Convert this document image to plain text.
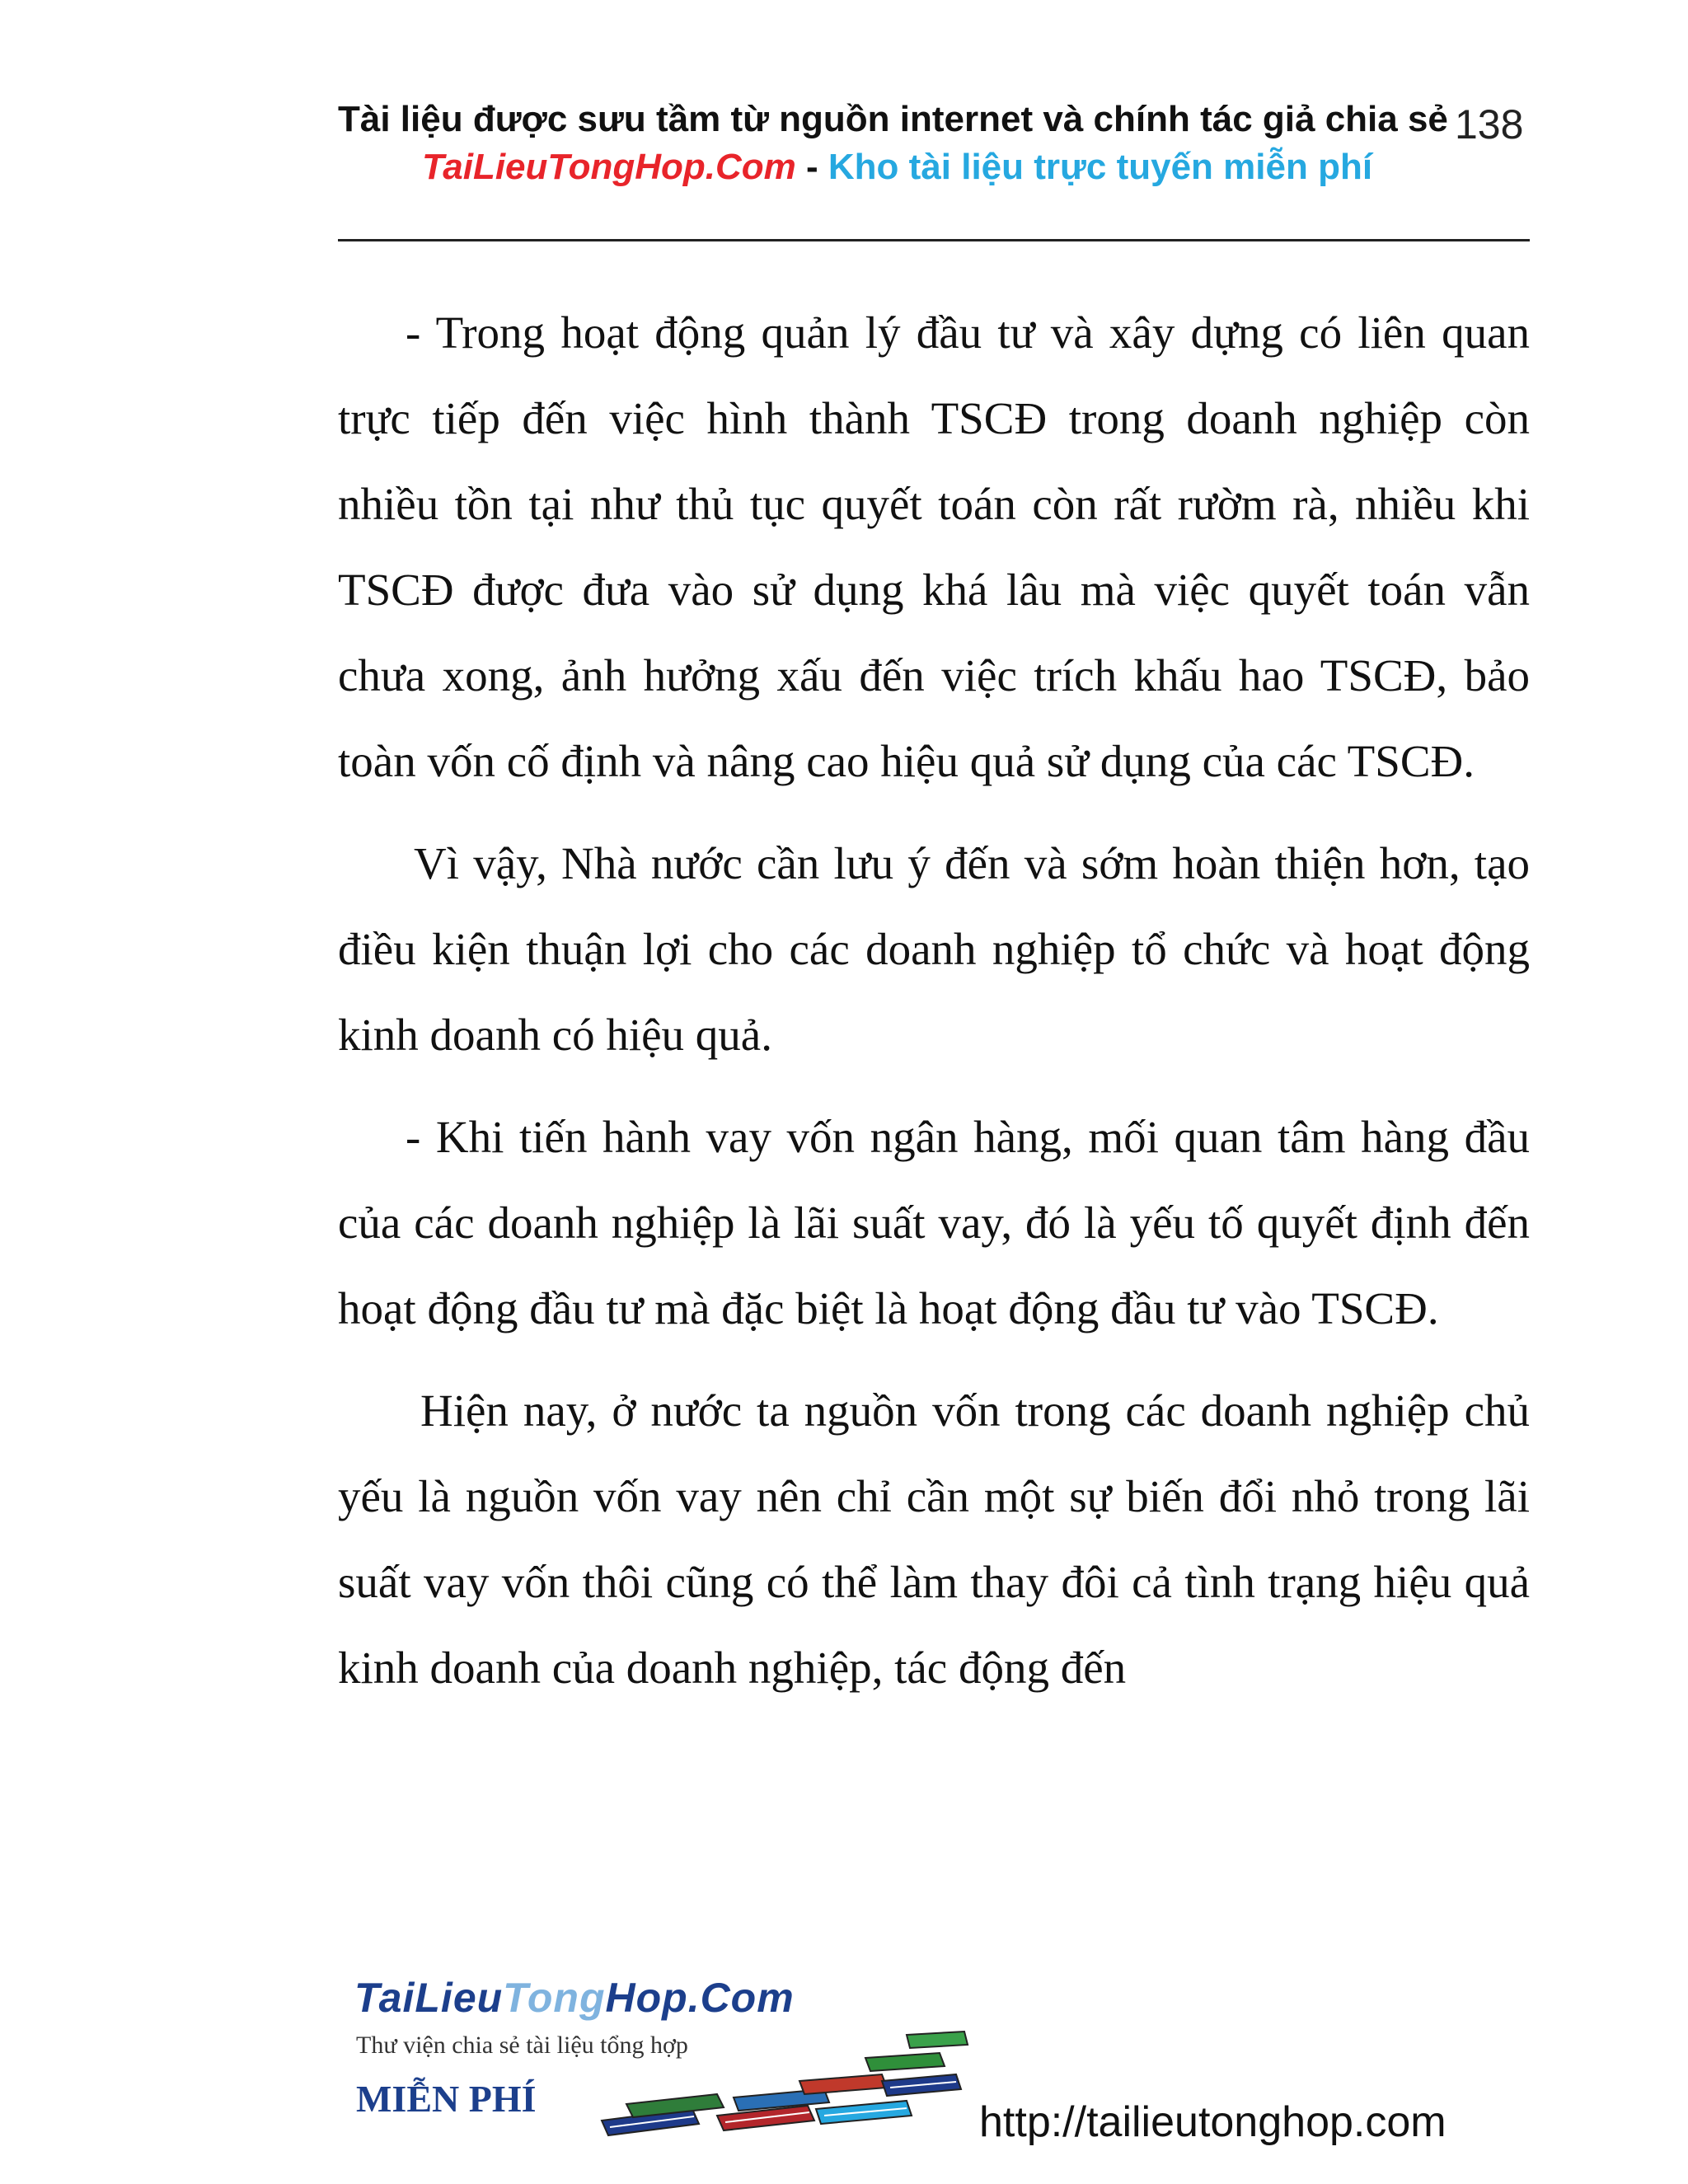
Tài liệu được sưu tầm từ nguồn internet và chính tác giả chia sẻ 138
TaiLieuTongHop.Com - Kho tài liệu trực tuyến miễn phí

- Trong hoạt động quản lý đầu tư và xây dựng có liên quan trực tiếp đến việc hình thành TSCĐ trong doanh nghiệp còn nhiều tồn tại như thủ tục quyết toán còn rất rườm rà, nhiều khi TSCĐ được đưa vào sử dụng khá lâu mà việc quyết toán vẫn chưa xong, ảnh hưởng xấu đến việc trích khấu hao TSCĐ, bảo toàn vốn cố định và nâng cao hiệu quả sử dụng của các TSCĐ.

Vì vậy, Nhà nước cần lưu ý đến và sớm hoàn thiện hơn, tạo điều kiện thuận lợi cho các doanh nghiệp tổ chức và hoạt động kinh doanh có hiệu quả.

- Khi tiến hành vay vốn ngân hàng, mối quan tâm hàng đầu của các doanh nghiệp là lãi suất vay, đó là yếu tố quyết định đến hoạt động đầu tư mà đặc biệt là hoạt động đầu tư vào TSCĐ.

Hiện nay, ở nước ta nguồn vốn trong các doanh nghiệp chủ yếu là nguồn vốn vay nên chỉ cần một sự biến đổi nhỏ trong lãi suất vay vốn thôi cũng có thể làm thay đôi cả tình trạng hiệu quả kinh doanh của doanh nghiệp, tác động đến

TaiLieuTongHop.Com
Thư viện chia sẻ tài liệu tổng hợp
MIỄN PHÍ	http://tailieutonghop.com
